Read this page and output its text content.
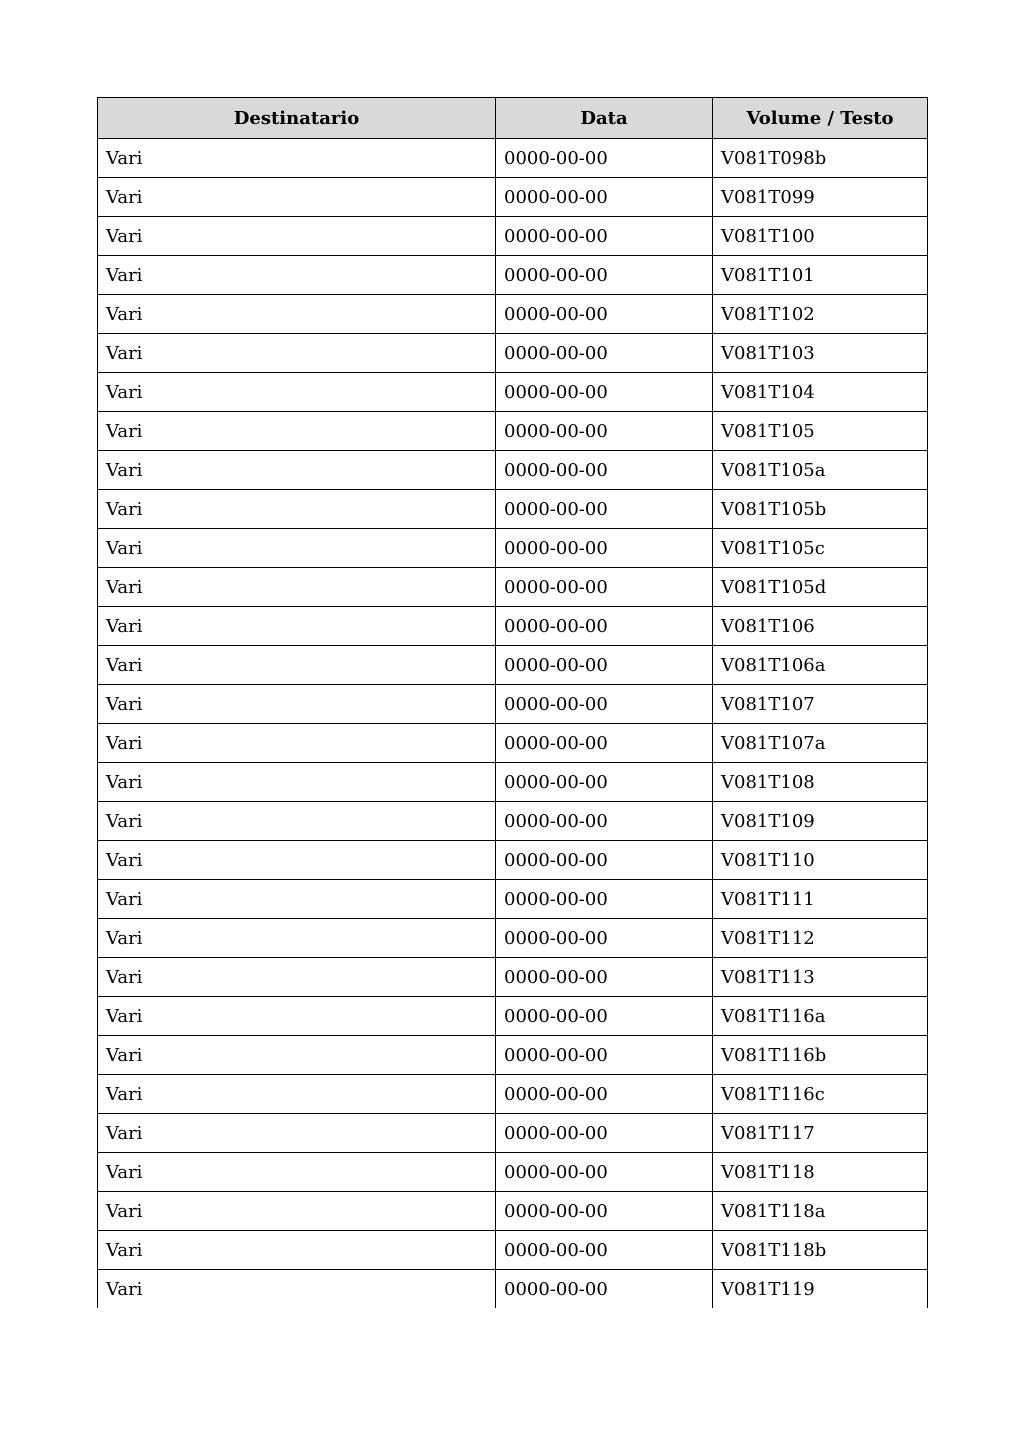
Destinatario	Data	Volume / Testo
Vari	0000-00-00	V081T098b
Vari	0000-00-00	V081T099
Vari	0000-00-00	V081T100
Vari	0000-00-00	V081T101
Vari	0000-00-00	V081T102
Vari	0000-00-00	V081T103
Vari	0000-00-00	V081T104
Vari	0000-00-00	V081T105
Vari	0000-00-00	V081T105a
Vari	0000-00-00	V081T105b
Vari	0000-00-00	V081T105c
Vari	0000-00-00	V081T105d
Vari	0000-00-00	V081T106
Vari	0000-00-00	V081T106a
Vari	0000-00-00	V081T107
Vari	0000-00-00	V081T107a
Vari	0000-00-00	V081T108
Vari	0000-00-00	V081T109
Vari	0000-00-00	V081T110
Vari	0000-00-00	V081T111
Vari	0000-00-00	V081T112
Vari	0000-00-00	V081T113
Vari	0000-00-00	V081T116a
Vari	0000-00-00	V081T116b
Vari	0000-00-00	V081T116c
Vari	0000-00-00	V081T117
Vari	0000-00-00	V081T118
Vari	0000-00-00	V081T118a
Vari	0000-00-00	V081T118b
Vari	0000-00-00	V081T119
